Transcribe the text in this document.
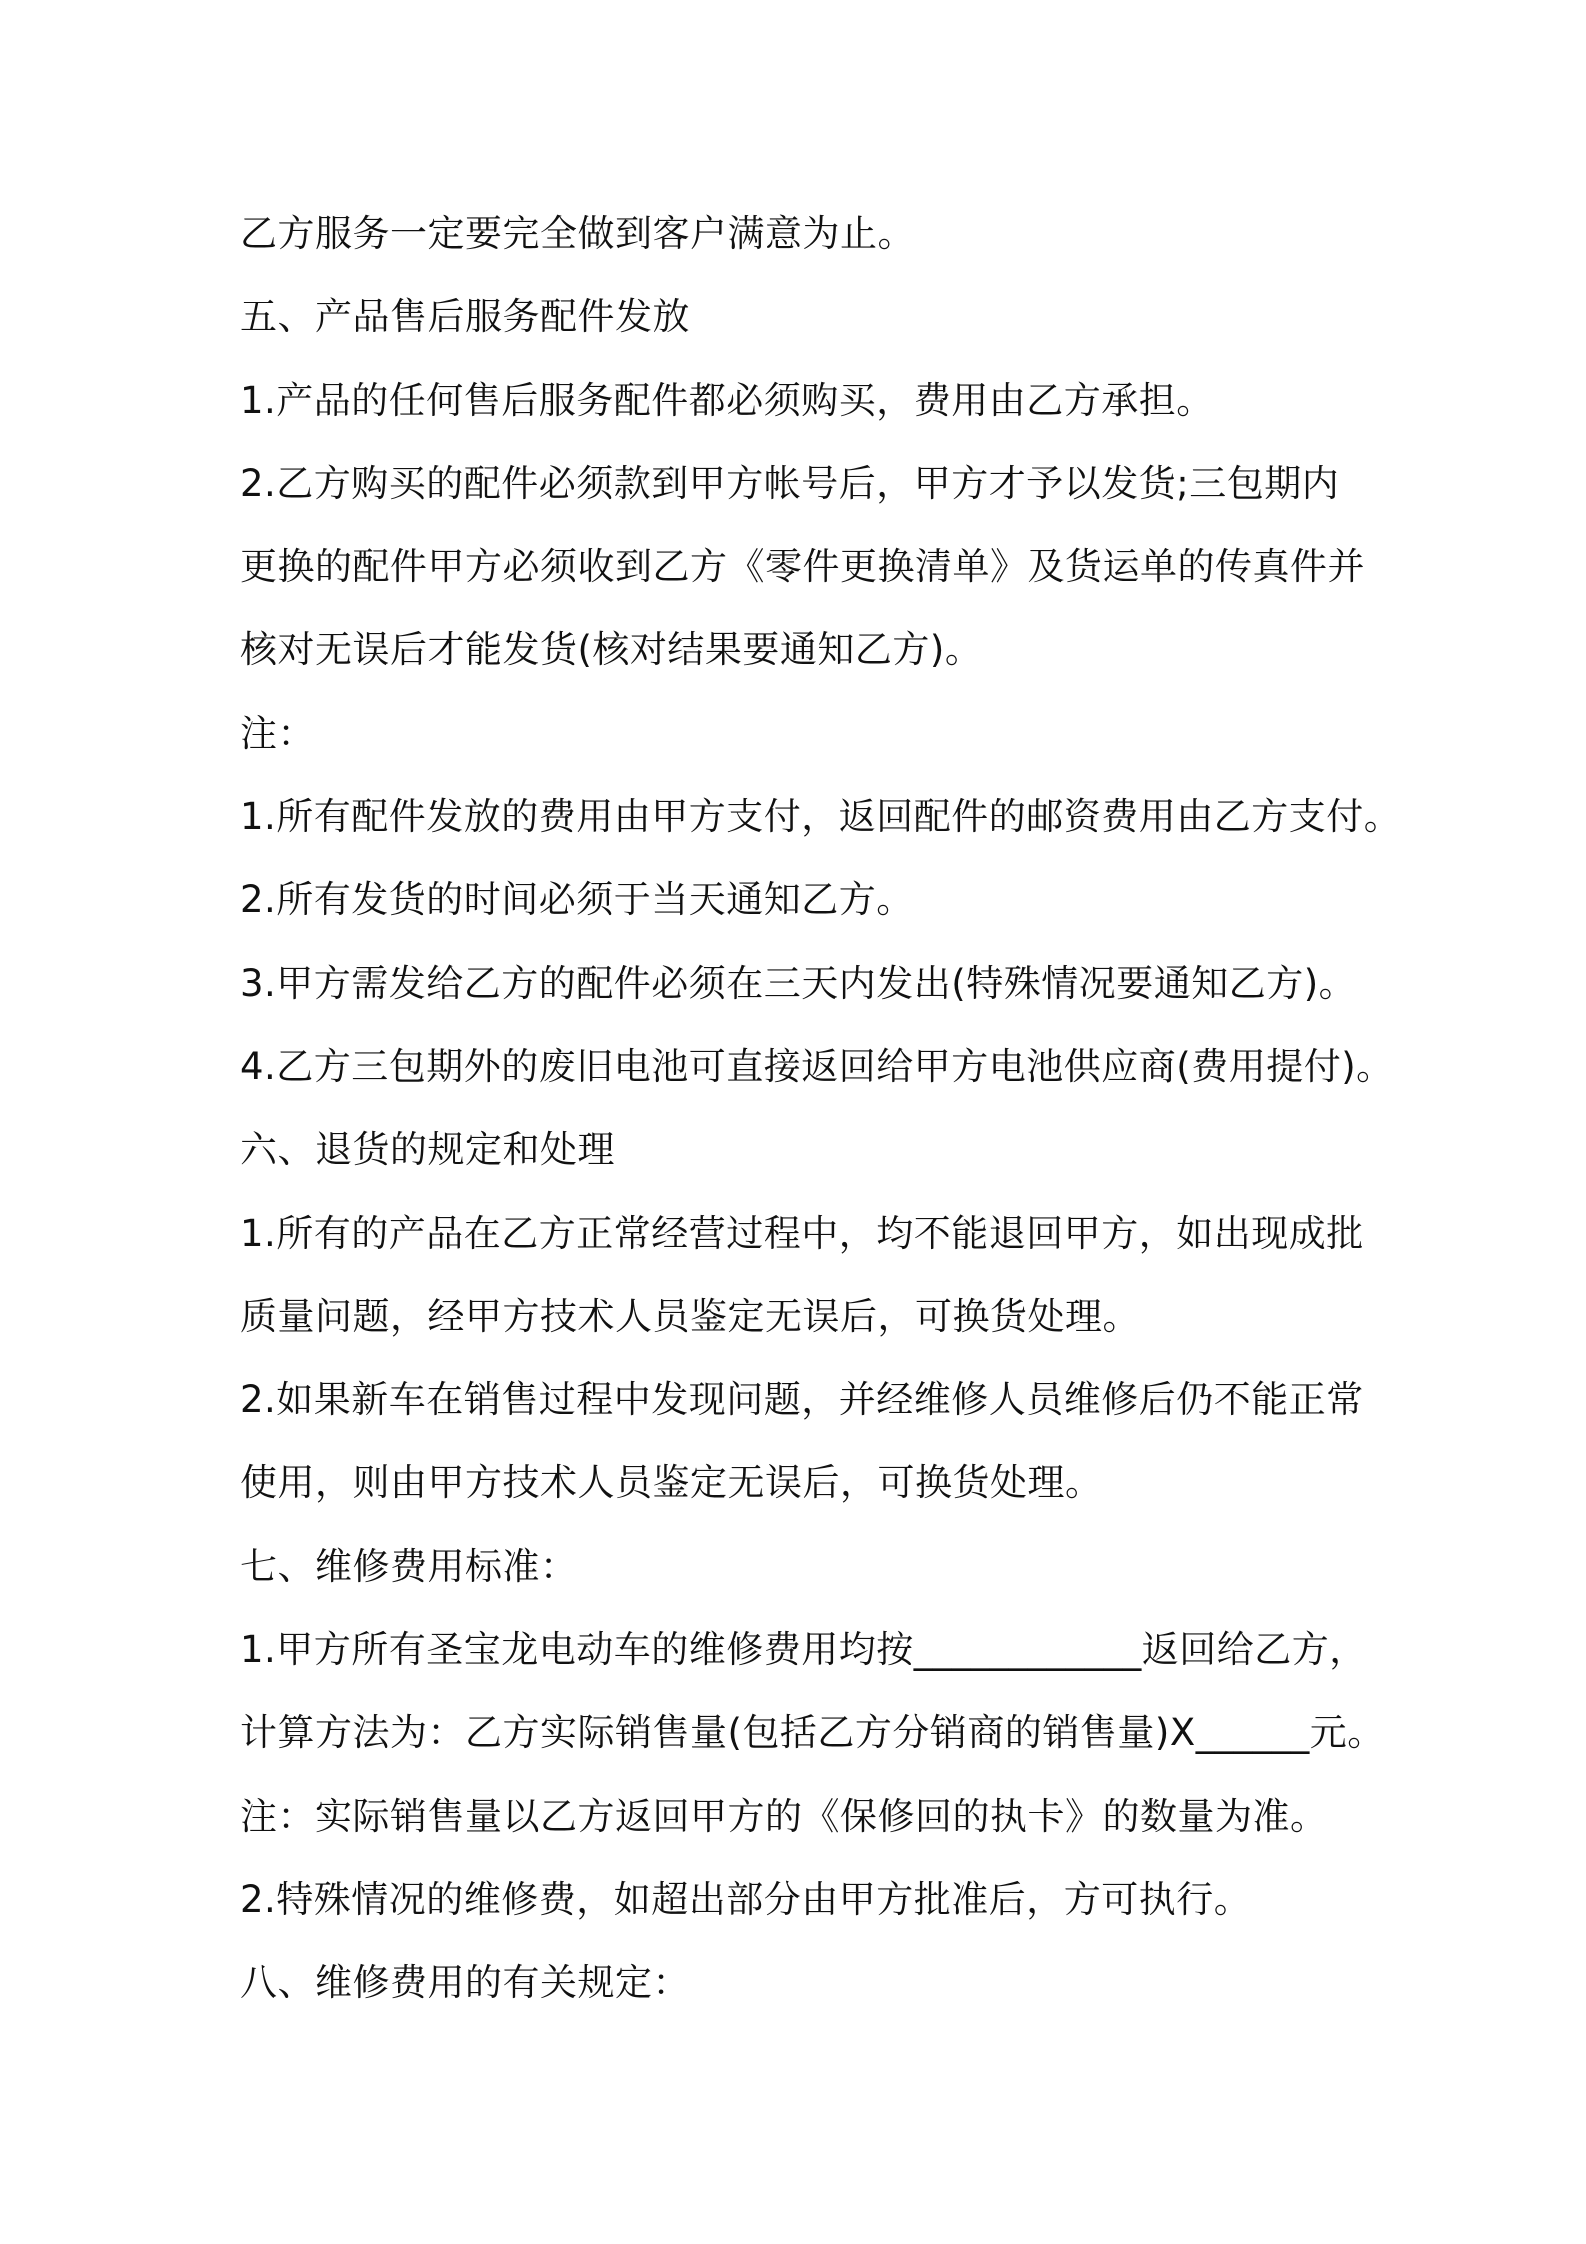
乙方服务一定要完全做到客户满意为止。
五、产品售后服务配件发放
1.产品的任何售后服务配件都必须购买，费用由乙方承担。
2.乙方购买的配件必须款到甲方帐号后，甲方才予以发货;三包期内
更换的配件甲方必须收到乙方《零件更换清单》及货运单的传真件并
核对无误后才能发货(核对结果要通知乙方)。
注：
1.所有配件发放的费用由甲方支付，返回配件的邮资费用由乙方支付。
2.所有发货的时间必须于当天通知乙方。
3.甲方需发给乙方的配件必须在三天内发出(特殊情况要通知乙方)。
4.乙方三包期外的废旧电池可直接返回给甲方电池供应商(费用提付)。
六、退货的规定和处理
1.所有的产品在乙方正常经营过程中，均不能退回甲方，如出现成批
质量问题，经甲方技术人员鉴定无误后，可换货处理。
2.如果新车在销售过程中发现问题，并经维修人员维修后仍不能正常
使用，则由甲方技术人员鉴定无误后，可换货处理。
七、维修费用标准：
1.甲方所有圣宝龙电动车的维修费用均按____________返回给乙方，
计算方法为：乙方实际销售量(包括乙方分销商的销售量)X______元。
注：实际销售量以乙方返回甲方的《保修回的执卡》的数量为准。
2.特殊情况的维修费，如超出部分由甲方批准后，方可执行。
八、维修费用的有关规定：
